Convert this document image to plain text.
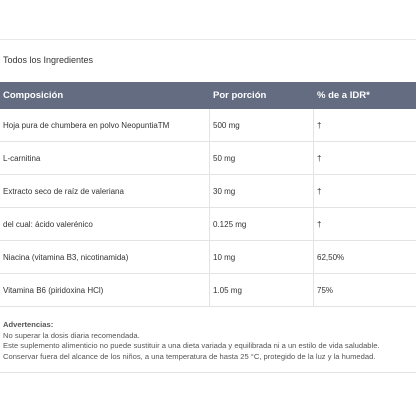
Todos los Ingredientes
Composición	Por porción	% de a IDR*
Hoja pura de chumbera en polvo NeopuntiaTM	500 mg	†
L-carnitina	50 mg	†
Extracto seco de raíz de valeriana	30 mg	†
del cual: ácido valerénico	0.125 mg	†
Niacina (vitamina B3, nicotinamida)	10 mg	62,50%
Vitamina B6 (piridoxina HCl)	1.05 mg	75%
Advertencias:
No superar la dosis diaria recomendada.
Este suplemento alimenticio no puede sustituir a una dieta variada y equilibrada ni a un estilo de vida saludable.
Conservar fuera del alcance de los niños, a una temperatura de hasta 25 °C, protegido de la luz y la humedad.
